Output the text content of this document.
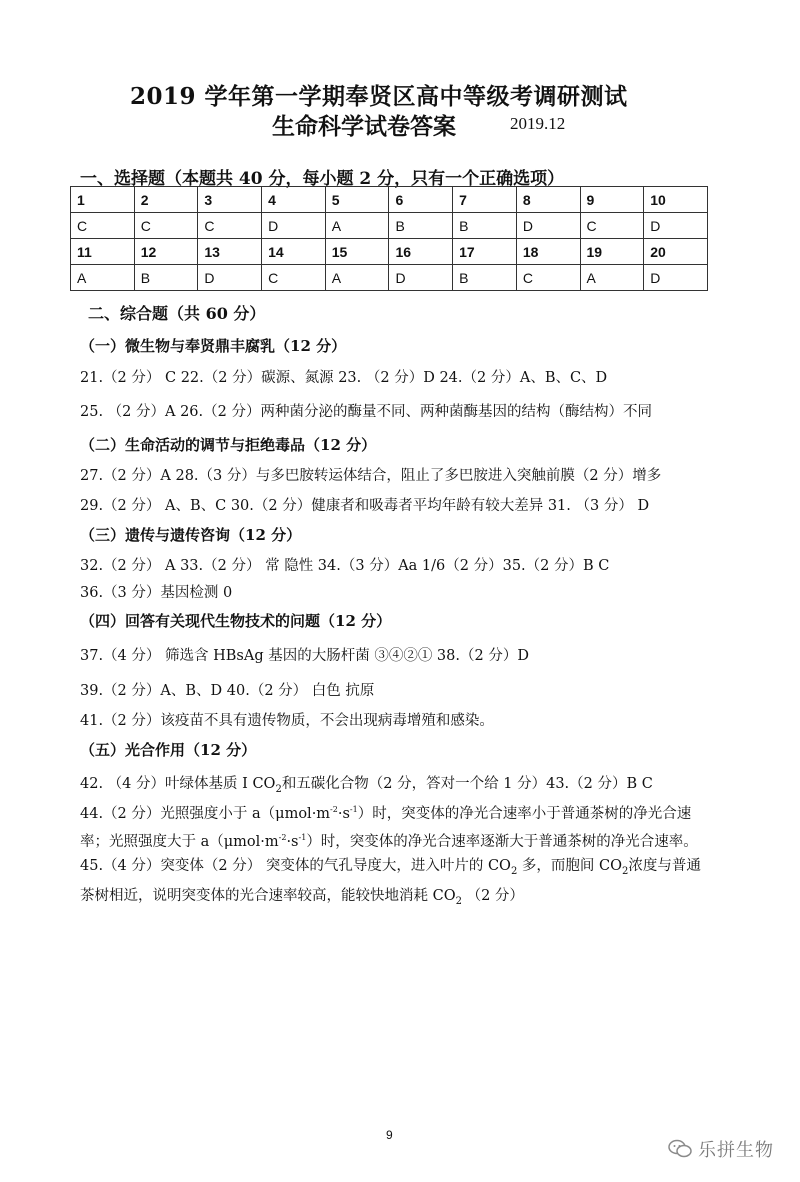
2019 学年第一学期奉贤区高中等级考调研测试
生命科学试卷答案	2019.12
一、选择题（本题共 40 分，每小题 2 分，只有一个正确选项）
1	2	3	4	5	6	7	8	9	10
C	C	C	D	A	B	B	D	C	D
11	12	13	14	15	16	17	18	19	20
A	B	D	C	A	D	B	C	A	D
二、综合题（共 60 分）
（一）微生物与奉贤鼎丰腐乳（12 分）
21.（2 分） C 22.（2 分）碳源、氮源 23. （2 分）D 24.（2 分）A、B、C、D
25. （2 分）A 26.（2 分）两种菌分泌的酶量不同、两种菌酶基因的结构（酶结构）不同
（二）生命活动的调节与拒绝毒品（12 分）
27.（2 分）A 28.（3 分）与多巴胺转运体结合，阻止了多巴胺进入突触前膜（2 分）增多
29.（2 分） A、B、C 30.（2 分）健康者和吸毒者平均年龄有较大差异 31. （3 分） D
（三）遗传与遗传咨询（12 分）
32.（2 分） A 33.（2 分） 常 隐性 34.（3 分）Aa 1/6（2 分）35.（2 分）B C
36.（3 分）基因检测 0
（四）回答有关现代生物技术的问题（12 分）
37.（4 分） 筛选含 HBsAg 基因的大肠杆菌 ③④②① 38.（2 分）D
39.（2 分）A、B、D 40.（2 分） 白色 抗原
41.（2 分）该疫苗不具有遗传物质，不会出现病毒增殖和感染。
（五）光合作用（12 分）
42. （4 分）叶绿体基质 Ⅰ $CO_2$和五碳化合物（2 分，答对一个给 1 分）43.（2 分）B C
44.（2 分）光照强度小于 $a(\mu mol\cdot m^{-2}\cdot s^{-1})$时，突变体的净光合速率小于普通茶树的净光合速率；光照强度大于 $a(\mu mol\cdot m^{-2}\cdot s^{-1})$时，突变体的净光合速率逐渐大于普通茶树的净光合速率。 45.（4 分）突变体（2 分） 突变体的气孔导度大，进入叶片的 $CO_2$ 多，而胞间 $CO_2$浓度与普通茶树相近，说明突变体的光合速率较高，能较快地消耗 $CO_2$ （2 分）
9
乐拼生物
